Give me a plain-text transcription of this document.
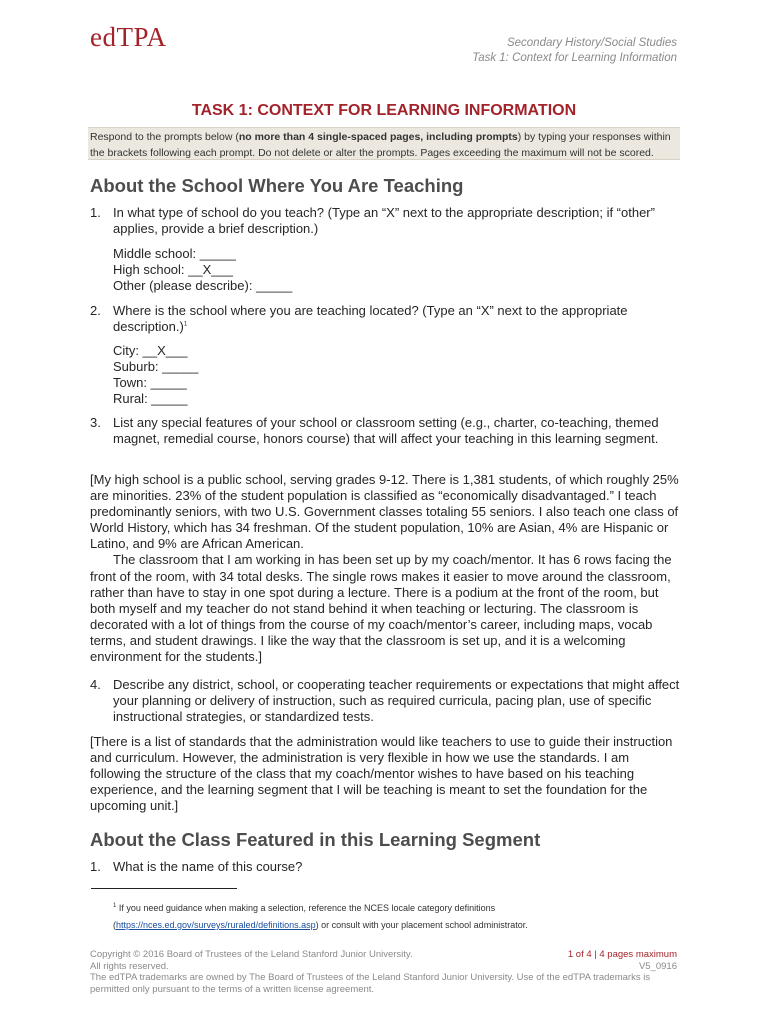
edTPA	Secondary History/Social Studies
Task 1: Context for Learning Information
TASK 1: CONTEXT FOR LEARNING INFORMATION
Respond to the prompts below (no more than 4 single-spaced pages, including prompts) by typing your responses within the brackets following each prompt. Do not delete or alter the prompts. Pages exceeding the maximum will not be scored.
About the School Where You Are Teaching
1. In what type of school do you teach? (Type an “X” next to the appropriate description; if “other” applies, provide a brief description.)
Middle school: _____
High school: __X___
Other (please describe): _____
2. Where is the school where you are teaching located? (Type an “X” next to the appropriate description.)$^1$
City: __X___
Suburb: _____
Town: _____
Rural: _____
3. List any special features of your school or classroom setting (e.g., charter, co-teaching, themed magnet, remedial course, honors course) that will affect your teaching in this learning segment.
[My high school is a public school, serving grades 9-12. There is 1,381 students, of which roughly 25% are minorities. 23% of the student population is classified as “economically disadvantaged.” I teach predominantly seniors, with two U.S. Government classes totaling 55 seniors. I also teach one class of World History, which has 34 freshman. Of the student population, 10% are Asian, 4% are Hispanic or Latino, and 9% are African American.
The classroom that I am working in has been set up by my coach/mentor. It has 6 rows facing the front of the room, with 34 total desks. The single rows makes it easier to move around the classroom, rather than have to stay in one spot during a lecture. There is a podium at the front of the room, but both myself and my teacher do not stand behind it when teaching or lecturing. The classroom is decorated with a lot of things from the course of my coach/mentor’s career, including maps, vocab terms, and student drawings. I like the way that the classroom is set up, and it is a welcoming environment for the students.]
4. Describe any district, school, or cooperating teacher requirements or expectations that might affect your planning or delivery of instruction, such as required curricula, pacing plan, use of specific instructional strategies, or standardized tests.
[There is a list of standards that the administration would like teachers to use to guide their instruction and curriculum. However, the administration is very flexible in how we use the standards. I am following the structure of the class that my coach/mentor wishes to have based on his teaching experience, and the learning segment that I will be teaching is meant to set the foundation for the upcoming unit.]
About the Class Featured in this Learning Segment
1. What is the name of this course?
$^1$ If you need guidance when making a selection, reference the NCES locale category definitions
(https://nces.ed.gov/surveys/ruraled/definitions.asp) or consult with your placement school administrator.
Copyright © 2016 Board of Trustees of the Leland Stanford Junior University.
All rights reserved.
The edTPA trademarks are owned by The Board of Trustees of the Leland Stanford Junior University. Use of the edTPA trademarks is
permitted only pursuant to the terms of a written license agreement.
1 of 4 | 4 pages maximum
V5_0916
